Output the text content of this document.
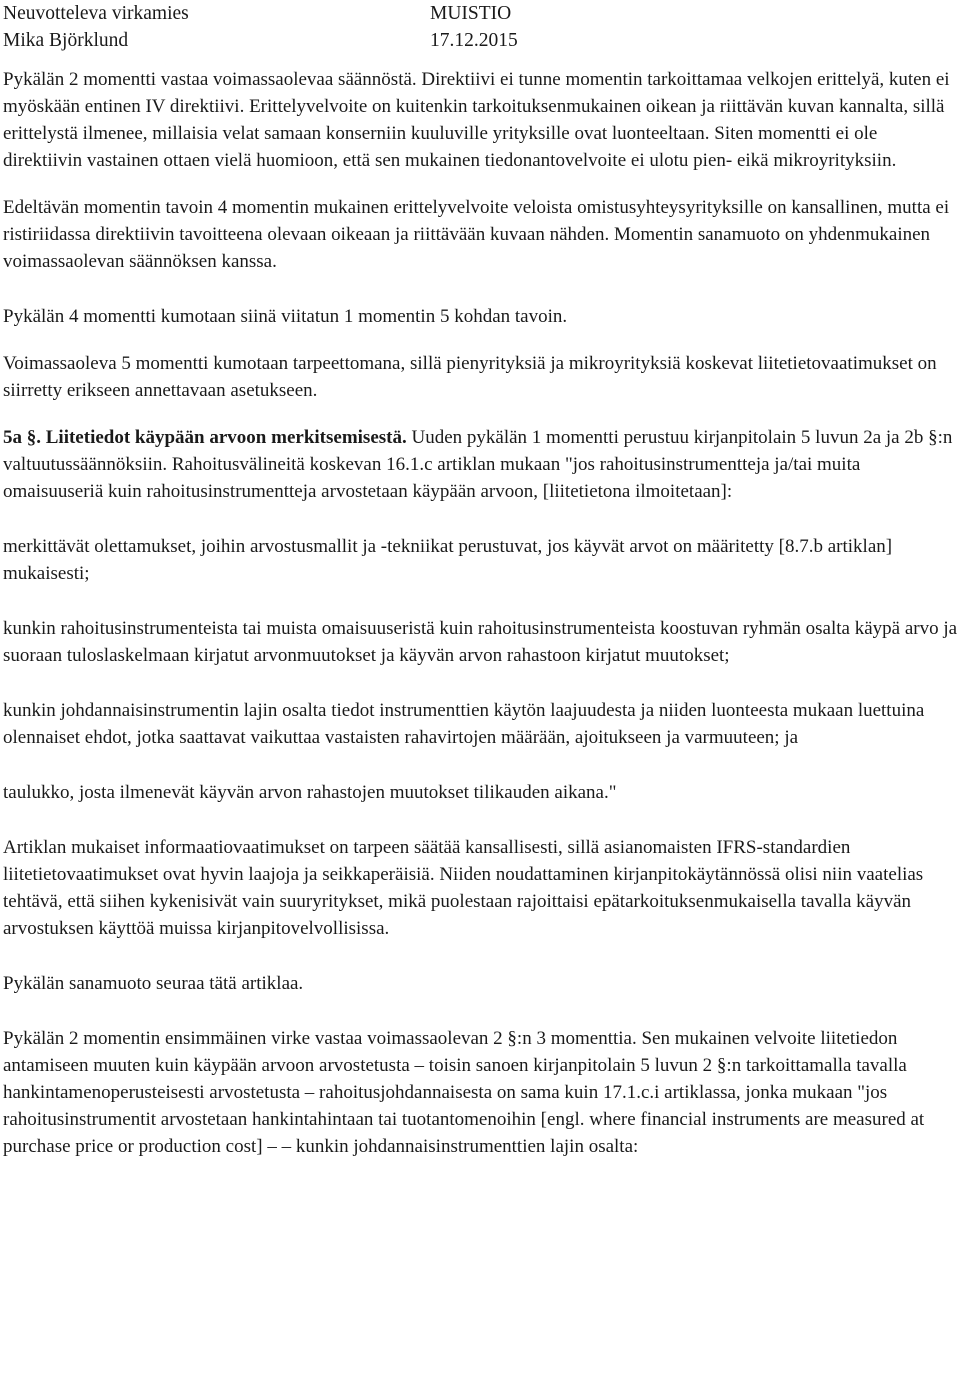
Neuvotteleva virkamies
Mika Björklund
MUISTIO
17.12.2015

Pykälän 2 momentti vastaa voimassaolevaa säännöstä. Direktiivi ei tunne momentin tarkoittamaa velkojen erittelyä, kuten ei myöskään entinen IV direktiivi. Erittelyvelvoite on kuitenkin tarkoituksenmukainen oikean ja riittävän kuvan kannalta, sillä erittelystä ilmenee, millaisia velat samaan konserniin kuuluville yrityksille ovat luonteeltaan. Siten momentti ei ole direktiivin vastainen ottaen vielä huomioon, että sen mukainen tiedonantovelvoite ei ulotu pien- eikä mikroyrityksiin.

Edeltävän momentin tavoin 4 momentin mukainen erittelyvelvoite veloista omistusyhteysyrityksille on kansallinen, mutta ei ristiriidassa direktiivin tavoitteena olevaan oikeaan ja riittävään kuvaan nähden. Momentin sanamuoto on yhdenmukainen voimassaolevan säännöksen kanssa.

Pykälän 4 momentti kumotaan siinä viitatun 1 momentin 5 kohdan tavoin.

Voimassaoleva 5 momentti kumotaan tarpeettomana, sillä pienyrityksiä ja mikroyrityksiä koskevat liitetietovaatimukset on siirretty erikseen annettavaan asetukseen.

5a §. Liitetiedot käypään arvoon merkitsemisestä. Uuden pykälän 1 momentti perustuu kirjanpitolain 5 luvun 2a ja 2b §:n valtuutussäännöksiin. Rahoitusvälineitä koskevan 16.1.c artiklan mukaan "jos rahoitusinstrumentteja ja/tai muita omaisuuseriä kuin rahoitusinstrumentteja arvostetaan käypään arvoon, [liitetietona ilmoitetaan]:

merkittävät olettamukset, joihin arvostusmallit ja -tekniikat perustuvat, jos käyvät arvot on määritetty [8.7.b artiklan] mukaisesti;

kunkin rahoitusinstrumenteista tai muista omaisuuseristä kuin rahoitusinstrumenteista koostuvan ryhmän osalta käypä arvo ja suoraan tuloslaskelmaan kirjatut arvonmuutokset ja käyvän arvon rahastoon kirjatut muutokset;

kunkin johdannaisinstrumentin lajin osalta tiedot instrumenttien käytön laajuudesta ja niiden luonteesta mukaan luettuina olennaiset ehdot, jotka saattavat vaikuttaa vastaisten rahavirtojen määrään, ajoitukseen ja varmuuteen; ja

taulukko, josta ilmenevät käyvän arvon rahastojen muutokset tilikauden aikana."

Artiklan mukaiset informaatiovaatimukset on tarpeen säätää kansallisesti, sillä asianomaisten IFRS-standardien liitetietovaatimukset ovat hyvin laajoja ja seikkaperäisiä. Niiden noudattaminen kirjanpitokäytännössä olisi niin vaatelias tehtävä, että siihen kykenisivät vain suuryritykset, mikä puolestaan rajoittaisi epätarkoituksenmukaisella tavalla käyvän arvostuksen käyttöä muissa kirjanpitovelvollisissa.

Pykälän sanamuoto seuraa tätä artiklaa.

Pykälän 2 momentin ensimmäinen virke vastaa voimassaolevan 2 §:n 3 momenttia. Sen mukainen velvoite liitetiedon antamiseen muuten kuin käypään arvoon arvostetusta – toisin sanoen kirjanpitolain 5 luvun 2 §:n tarkoittamalla tavalla hankintamenoperusteisesti arvostetusta – rahoitusjohdannaisesta on sama kuin 17.1.c.i artiklassa, jonka mukaan "jos rahoitusinstrumentit arvostetaan hankintahintaan tai tuotantomenoihin [engl. where financial instruments are measured at purchase price or production cost] – – kunkin johdannaisinstrumenttien lajin osalta:
